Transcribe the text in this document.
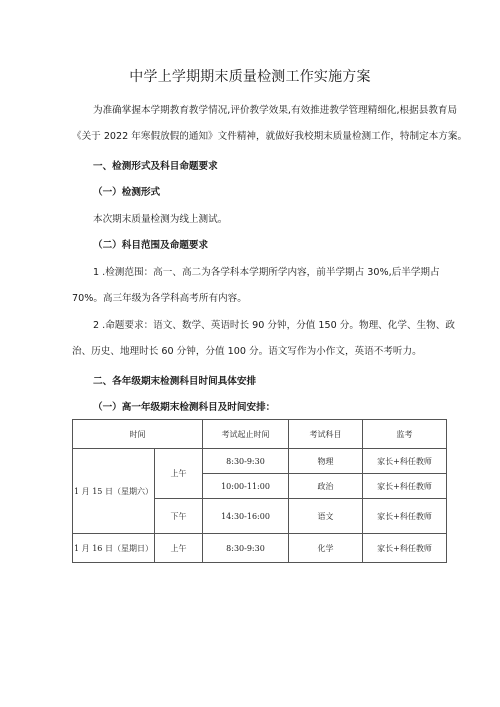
中学上学期期末质量检测工作实施方案
为准确掌握本学期教育教学情况,评价教学效果,有效推进教学管理精细化,根据县教育局
《关于 2022 年寒假放假的通知》文件精神，就做好我校期末质量检测工作，特制定本方案。
一、检测形式及科目命题要求
（一）检测形式
本次期末质量检测为线上测试。
（二）科目范围及命题要求
1 .检测范围：高一、高二为各学科本学期所学内容，前半学期占 30%,后半学期占
70%。高三年级为各学科高考所有内容。
2 .命题要求：语文、数学、英语时长 90 分钟，分值 150 分。物理、化学、生物、政
治、历史、地理时长 60 分钟，分值 100 分。语文写作为小作文，英语不考听力。
二、各年级期末检测科目时间具体安排
（一）高一年级期末检测科目及时间安排：
时间		考试起止时间	考试科目	监考
1 月 15 日（星期六）	上午	8:30-9:30	物理	家长+科任教师
		10:00-11:00	政治	家长+科任教师
	下午	14:30-16:00	语文	家长+科任教师
1 月 16 日（星期日）	上午	8:30-9:30	化学	家长+科任教师
